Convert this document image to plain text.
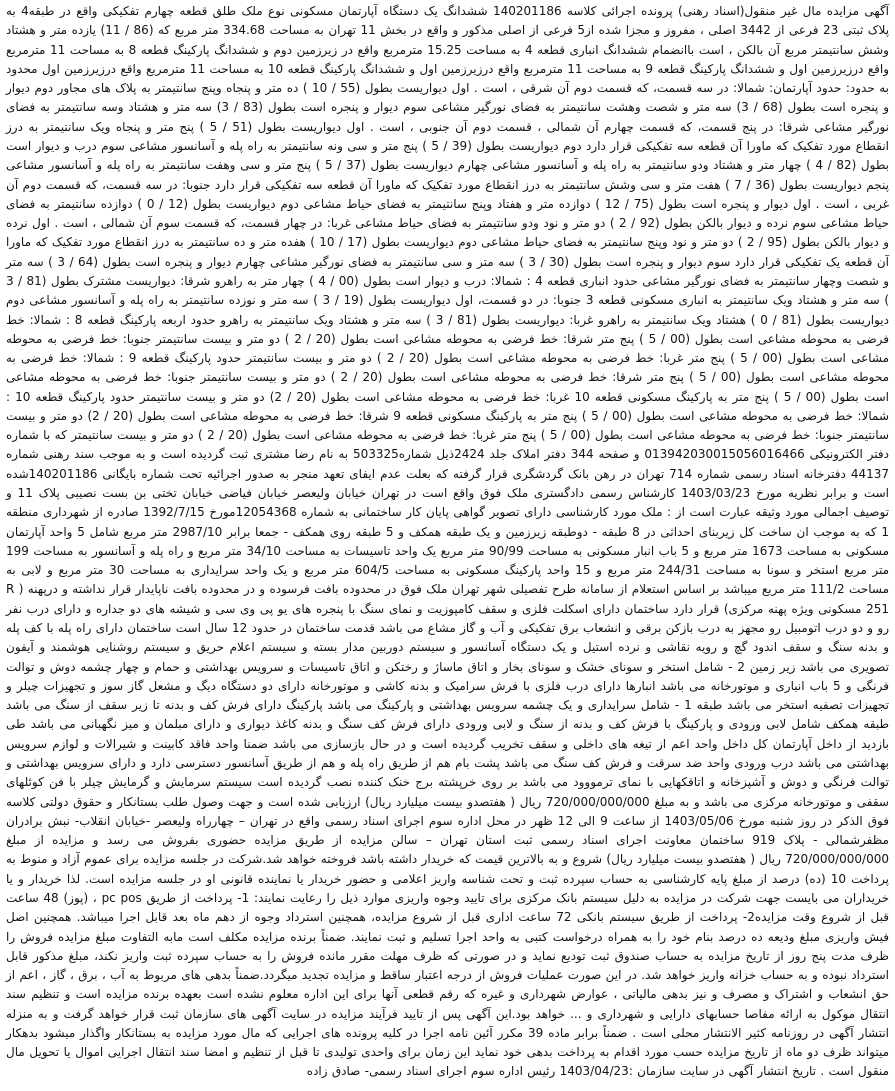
آگهی مزایده مال غیر منقول(اسناد رهنی) پرونده اجرائی کلاسه 140201186 ششدانگ یک دستگاه آپارتمان مسکونی نوع ملک طلق قطعه چهارم تفکیکی واقع در طبقه4 به پلاک ثبتی 23 فرعی از 3442 اصلی ، مفروز و مجزا شده از5 فرعی از اصلی مذکور و واقع در بخش 11 تهران به مساحت 334.68 متر مربع که (86 / 11) یازده متر و هشتاد وشش سانتیمتر مربع آن بالکن ، است باانضمام ششدانگ انباری قطعه 4 به مساحت 15.25 مترمربع واقع در زیرزمین دوم و ششدانگ پارکینگ قطعه 8 به مساحت 11 مترمربع واقع درزیرزمین اول و ششدانگ پارکینگ قطعه 9 به مساحت 11 مترمربع واقع درزیرزمین اول و ششدانگ پارکینگ قطعه 10 به مساحت 11 مترمربع واقع درزیرزمین اول محدود به حدود: حدود آپارتمان: شمالا: در سه قسمت، که قسمت دوم آن شرقی ، است . اول دیواریست بطول (55 / 10 ) ده متر و پنجاه وپنج سانتیمتر به پلاک های مجاور دوم دیوار و پنجره است بطول (68 / 3) سه متر و شصت وهشت سانتیمتر به فضای نورگیر مشاعی سوم دیوار و پنجره است بطول (83 / 3) سه متر و هشتاد وسه سانتیمتر به فضای نورگیر مشاعی شرقا: در پنج قسمت، که قسمت چهارم آن شمالی ، قسمت دوم آن جنوبی ، است . اول دیواریست بطول (51 / 5 ) پنج متر و پنجاه ویک سانتیمتر به درز انقطاع مورد تفکیک که ماورا آن قطعه سه تفکیکی قرار دارد دوم دیواریست بطول (39 / 5 ) پنج متر و سی ونه سانتیمتر به راه پله و آسانسور مشاعی سوم درب و دیوار است بطول (82 / 4 ) چهار متر و هشتاد ودو سانتیمتر به راه پله و آسانسور مشاعی چهارم دیواریست بطول (37 / 5 ) پنج متر و سی وهفت سانتیمتر به راه پله و آسانسور مشاعی پنجم دیواریست بطول (36 / 7 ) هفت متر و سی وشش سانتیمتر به درز انقطاع مورد تفکیک که ماورا آن قطعه سه تفکیکی قرار دارد جنوبا: در سه قسمت، که قسمت دوم آن غربی ، است . اول دیوار و پنجره است بطول (75 / 12 ) دوازده متر و هفتاد وپنج سانتیمتر به فضای حیاط مشاعی دوم دیواریست بطول (12 / 0 ) دوازده سانتیمتر به فضای حیاط مشاعی سوم نرده و دیوار بالکن بطول (92 / 2 ) دو متر و نود ودو سانتیمتر به فضای حیاط مشاعی غربا: در چهار قسمت، که قسمت سوم آن شمالی ، است . اول نرده و دیوار بالکن بطول (95 / 2 ) دو متر و نود وپنج سانتیمتر به فضای حیاط مشاعی دوم دیواریست بطول (17 / 10 ) هفده متر و ده سانتیمتر به درز انقطاع مورد تفکیک که ماورا آن قطعه یک تفکیکی قرار دارد سوم دیوار و پنجره است بطول (30 / 3 ) سه متر و سی سانتیمتر به فضای نورگیر مشاعی چهارم دیوار و پنجره است بطول (64 / 3 ) سه متر و شصت وچهار سانتیمتر به فضای نورگیر مشاعی حدود انباری قطعه 4 : شمالا: درب و دیوار است بطول (00 / 4 ) چهار متر به راهرو شرقا: دیواریست مشترک بطول (81 / 3 ) سه متر و هشتاد ویک سانتیمتر به انباری مسکونی قطعه 3 جنوبا: در دو قسمت، اول دیواریست بطول (19 / 3 ) سه متر و نوزده سانتیمتر به راه پله و آسانسور مشاعی دوم دیواریست بطول (81 / 0 ) هشتاد ویک سانتیمتر به راهرو غربا: دیواریست بطول (81 / 3 ) سه متر و هشتاد ویک سانتیمتر به راهرو حدود اربعه پارکینگ قطعه 8 : شمالا: خط فرضی به محوطه مشاعی است بطول (00 / 5 ) پنج متر شرقا: خط فرضی به محوطه مشاعی است بطول (20 / 2 ) دو متر و بیست سانتیمتر جنوبا: خط فرضی به محوطه مشاعی است بطول (00 / 5 ) پنج متر غربا: خط فرضی به محوطه مشاعی است بطول (20 / 2 ) دو متر و بیست سانتیمتر حدود پارکینگ قطعه 9 : شمالا: خط فرضی به محوطه مشاعی است بطول (00 / 5 ) پنج متر شرقا: خط فرضی به محوطه مشاعی است بطول (20 / 2 ) دو متر و بیست سانتیمتر جنوبا: خط فرضی به محوطه مشاعی است بطول (00 / 5 ) پنج متر به پارکینگ مسکونی قطعه 10 غربا: خط فرضی به محوطه مشاعی است بطول (20 / 2) دو متر و بیست سانتیمتر حدود پارکینگ قطعه 10 : شمالا: خط فرضی به محوطه مشاعی است بطول (00 / 5 ) پنج متر به پارکینگ مسکونی قطعه 9 شرقا: خط فرضی به محوطه مشاعی است بطول (20 / 2) دو متر و بیست سانتیمتر جنوبا: خط فرضی به محوطه مشاعی است بطول (00 / 5 ) پنج متر غربا: خط فرضی به محوطه مشاعی است بطول (20 / 2 ) دو متر و بیست سانتیمتر که با شماره دفتر الکترونیکی 013942030015056016466 و صفحه 344 دفتر املاک جلد 2424ذیل شماره503325 به نام رضا مشتری ثبت گردیده است و به موجب سند رهنی شماره 44137 دفترخانه اسناد رسمی شماره 714 تهران در رهن بانک گردشگری قرار گرفته که بعلت عدم ایفای تعهد منجر به صدور اجرائیه تحت شماره بایگانی 140201186شده است و برابر نظریه مورخ 1403/03/23 کارشناس رسمی دادگستری ملک فوق واقع است در تهران خیابان ولیعصر خیابان فیاضی خیابان تختی بن بست نصیبی پلاک 11 و توصیف اجمالی مورد وثیقه عبارت است از : ملک مورد کارشناسی دارای تصویر گواهی پایان کار ساختمانی به شماره 12054368مورخ 1392/7/15 صادره از شهرداری منطقه 1 که به موجب ان ساخت کل زیربنای احداثی در 8 طبقه - دوطبقه زیرزمین و یک طبقه همکف و 5 طبقه روی همکف - جمعا برابر 2987/10 متر مربع شامل 5 واحد آپارتمان مسکونی به مساحت 1673 متر مربع و 5 باب انبار مسکونی به مساحت 90/99 متر مربع یک واحد تاسیسات به مساحت 34/10 متر مربع و راه پله و آسانسور به مساحت 199 متر مربع استخر و سونا به مساحت 244/31 متر مربع و 15 واحد پارکینگ مسکونی به مساحت 604/5 متر مربع و یک واحد سرایداری به مساحت 30 متر مربع و لابی به مساحت 111/2 متر مربع میباشد بر اساس استعلام از سامانه طرح تفصیلی شهر تهران ملک فوق در محدوده بافت فرسوده و در محدوده بافت ناپایدار قرار نداشته و درپهنه ( R 251 مسکونی ویژه پهنه مرکزی) قرار دارد ساختمان دارای اسکلت فلزی و سقف کامپوزیت و نمای سنگ با پنجره های یو پی وی سی و شیشه های دو جداره و دارای درب نفر رو و دو درب اتومبیل رو مجهز به درب بازکن برقی و انشعاب برق تفکیکی و آب و گاز مشاع می باشد قدمت ساختمان در حدود 12 سال است ساختمان دارای راه پله با کف پله و بدنه سنگ و سقف اندود گچ و رویه نقاشی و نرده استیل و یک دستگاه آسانسور و سیستم دوربین مدار بسته و سیستم اعلام حریق و سیستم روشنایی هوشمند و آیفون تصویری می باشد زیر زمین 2 - شامل استخر و سونای خشک و سونای بخار و اتاق ماساژ و رختکن و اتاق تاسیسات و سرویس بهداشتی و حمام و چهار چشمه دوش و توالت فرنگی و 5 باب انباری و موتورخانه می باشد انبارها دارای درب فلزی با فرش سرامیک و بدنه کاشی و موتورخانه دارای دو دستگاه دیگ و مشعل گاز سوز و تجهیزات چیلر و تجهیزات تصفیه استخر می باشد طبقه 1 - شامل سرایداری و یک چشمه سرویس بهداشتی و پارکینگ می باشد پارکینگ دارای فرش کف و بدنه تا زیر سقف از سنگ می باشد طبقه همکف شامل لابی ورودی و پارکینگ با فرش کف و بدنه از سنگ و لابی ورودی دارای فرش کف سنگ و بدنه کاغذ دیواری و دارای مبلمان و میز نگهبانی می باشد طی بازدید از داخل آپارتمان کل داخل واحد اعم از تیغه های داخلی و سقف تخریب گردیده است و در حال بازسازی می باشد ضمنا واحد فاقد کابینت و شیرالات و لوازم سرویس بهداشتی می باشد درب ورودی واحد ضد سرقت و فرش کف سنگ می باشد پشت بام هم از طریق راه پله و هم از طریق آسانسور دسترسی دارد و دارای سرویس بهداشتی و توالت فرنگی و دوش و آشپزخانه و اتاقکهایی با نمای ترمووود می باشد بر روی خرپشته برج خنک کننده نصب گردیده است سیستم سرمایش و گرمایش چیلر با فن کوئلهای سقفی و موتورخانه مرکزی می باشد و به مبلغ 720/000/000/000 ریال ( هفتصدو بیست میلیارد ریال) ارزیابی شده است و جهت وصول طلب بستانکار و حقوق دولتی کلاسه فوق الذکر در روز شنبه مورخ 1403/05/06 از ساعت 9 الی 12 ظهر در محل اداره سوم اجرای اسناد رسمی واقع در تهران – چهارراه ولیعصر -خیابان انقلاب- نبش برادران مظفرشمالی - پلاک 919 ساختمان معاونت اجرای اسناد رسمی ثبت استان تهران – سالن مزایده از طریق مزایده حضوری بفروش می رسد و مزایده از مبلغ 720/000/000/000 ریال ( هفتصدو بیست میلیارد ریال) شروع و به بالاترین قیمت که خریدار داشته باشد فروخته خواهد شد.شرکت در جلسه مزایده برای عموم آزاد و منوط به پرداخت 10 (ده) درصد از مبلغ پایه کارشناسی به حساب سپرده ثبت و تحت شناسه واریز اعلامی و حضور خریدار یا نماینده قانونی او در جلسه مزایده است. لذا خریدار و یا خریداران می بایست جهت شرکت در مزایده به دلیل سیستم بانک مرکزی برای تایید وجوه واریزی موارد ذیل را رعایت نمایند: 1- پرداخت از طریق pc pos ، (پوز) 48 ساعت قبل از شروع وقت مزایده2- پرداخت از طریق سیستم بانکی 72 ساعت اداری قبل از شروع مزایده، همچنین استرداد وجوه از دهم ماه بعد قابل اجرا میباشد. همچنین اصل فیش واریزی مبلغ ودیعه ده درصد بنام خود را به همراه درخواست کتبی به واحد اجرا تسلیم و ثبت نمایند. ضمناً برنده مزایده مکلف است مابه التفاوت مبلغ مزایده فروش را ظرف مدت پنج روز از تاریخ مزایده به حساب صندوق ثبت تودیع نماید و در صورتی که ظرف مهلت مقرر مانده فروش را به حساب سپرده ثبت واریز نکند، مبلغ مذکور قابل استرداد نبوده و به حساب خزانه واریز خواهد شد. در این صورت عملیات فروش از درجه اعتبار ساقط و مزایده تجدید میگردد.ضمناً بدهی های مربوط به آب ، برق ، گاز ، اعم از حق انشعاب و اشتراک و مصرف و نیز بدهی مالیاتی ، عوارض شهرداری و غیره که رقم قطعی آنها برای این اداره معلوم نشده است بعهده برنده مزایده است و تنظیم سند انتقال موکول به ارائه مفاصا حسابهای دارایی و شهرداری و ... خواهد بود.این آگهی پس از تایید فرآیند مزایده در سایت آگهی های سازمان ثبت قرار خواهد گرفت و به منزله انتشار آگهی در روزنامه کثیر الانتشار محلی است . ضمناً برابر ماده 39 مکرر آئین نامه اجرا در کلیه پرونده های اجرایی که مال مورد مزایده به بستانکار واگذار میشود بدهکار میتواند ظرف دو ماه از تاریخ مزایده حسب مورد اقدام به پرداخت بدهی خود نماید این زمان برای واحدی تولیدی تا قبل از تنظیم و امضا سند انتقال اجرایی اموال یا تحویل مال منقول است . تاریخ انتشار آگهی در سایت سازمان :1403/04/23 رئیس اداره سوم اجرای اسناد رسمی- صادق زاده
